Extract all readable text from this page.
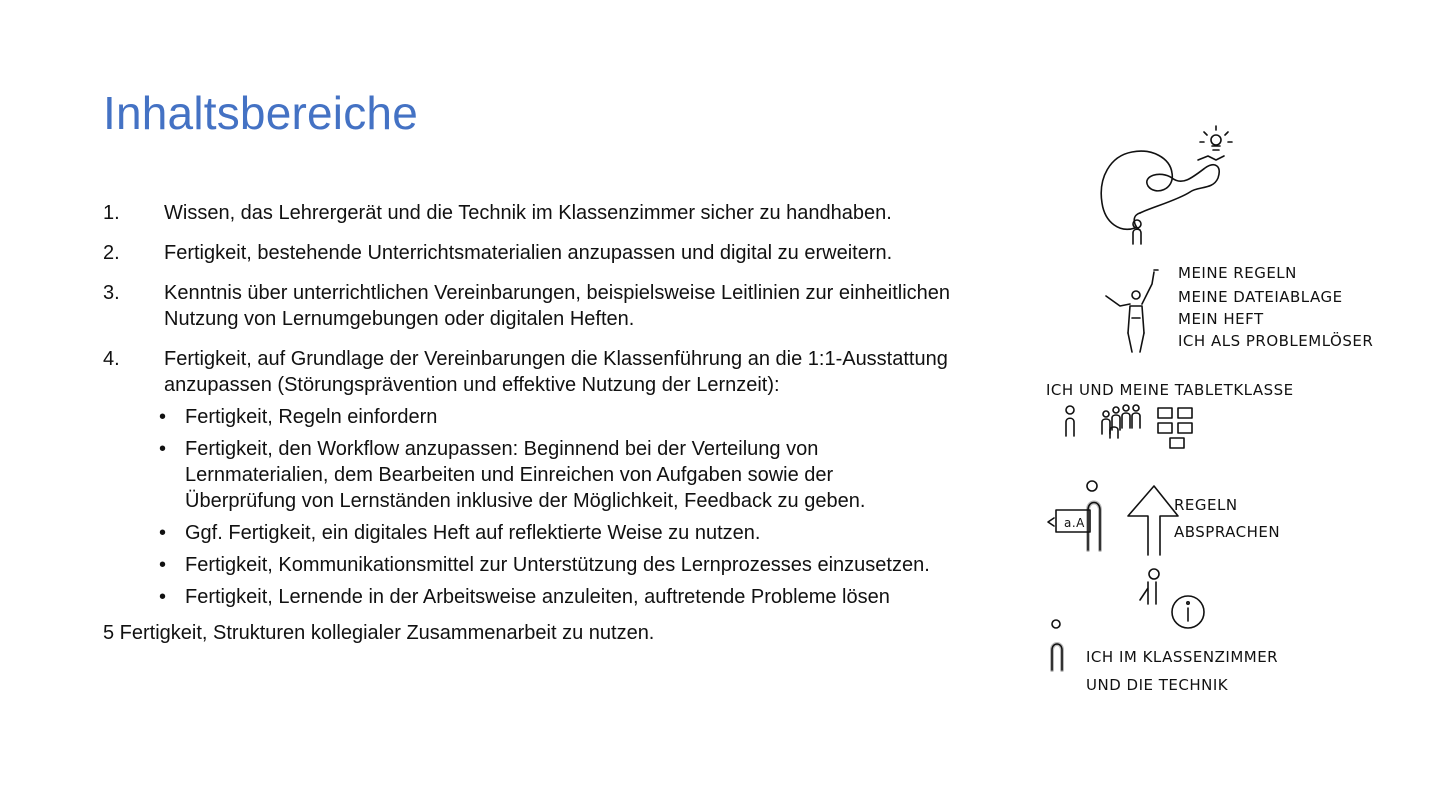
Inhaltsbereiche
1. Wissen, das Lehrergerät und die Technik im Klassenzimmer sicher zu handhaben.
2. Fertigkeit, bestehende Unterrichtsmaterialien anzupassen und digital zu erweitern.
3. Kenntnis über unterrichtlichen Vereinbarungen, beispielsweise Leitlinien zur einheitlichen Nutzung von Lernumgebungen oder digitalen Heften.
4. Fertigkeit, auf Grundlage der Vereinbarungen die Klassenführung an die 1:1-Ausstattung anzupassen (Störungsprävention und effektive Nutzung der Lernzeit):
• Fertigkeit, Regeln einfordern
• Fertigkeit, den Workflow anzupassen: Beginnend bei der Verteilung von Lernmaterialien, dem Bearbeiten und Einreichen von Aufgaben sowie der Überprüfung von Lernständen inklusive der Möglichkeit, Feedback zu geben.
• Ggf. Fertigkeit, ein digitales Heft auf reflektierte Weise zu nutzen.
• Fertigkeit, Kommunikationsmittel zur Unterstützung des Lernprozesses einzusetzen.
• Fertigkeit, Lernende in der Arbeitsweise anzuleiten, auftretende Probleme lösen
5 Fertigkeit, Strukturen kollegialer Zusammenarbeit zu nutzen.
MEINE REGELN
MEINE DATEIABLAGE
MEIN HEFT
ICH ALS PROBLEMLÖSER
ICH UND MEINE TABLETKLASSE
a.A
REGELN
ABSPRACHEN
ICH IM KLASSENZIMMER
UND DIE TECHNIK
